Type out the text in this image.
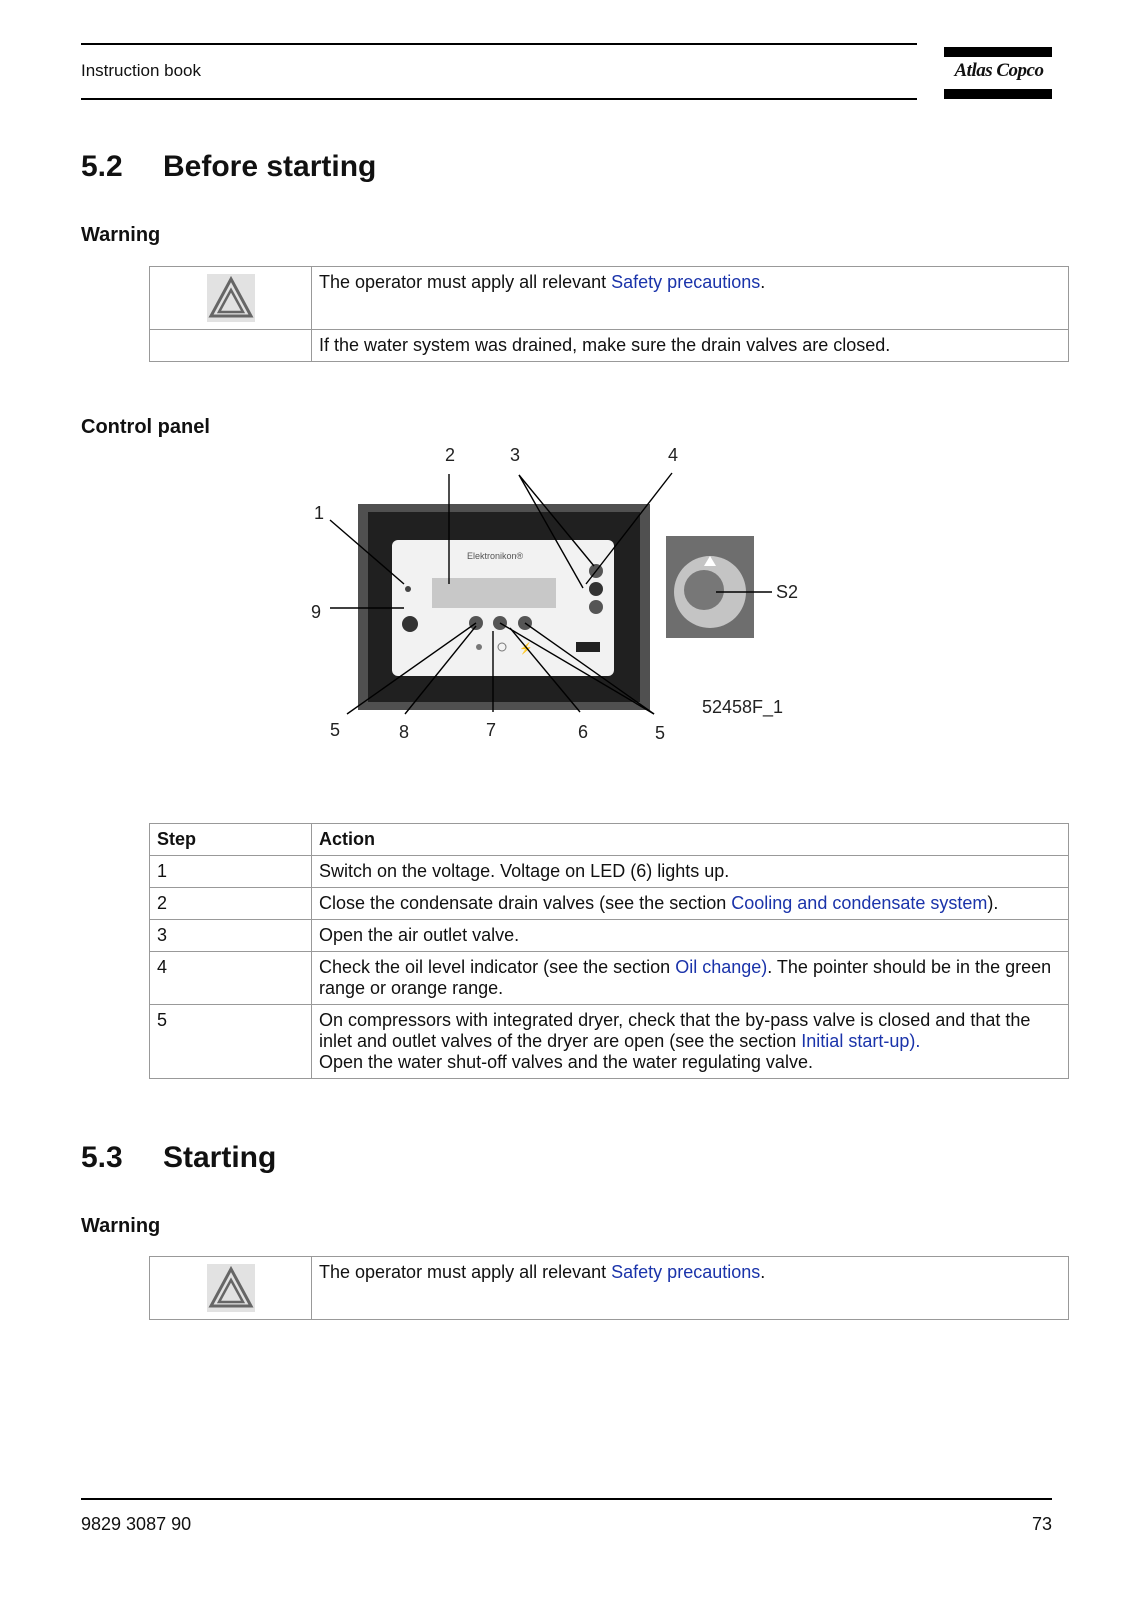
Instruction book	Atlas Copco
5.2 Before starting
Warning
	The operator must apply all relevant Safety precautions.
	If the water system was drained, make sure the drain valves are closed.
Control panel
Elektronikon®
⚡
1
2	3	4
5	6
7
8
9
5
S2
52458F_1
Step	Action
1	Switch on the voltage. Voltage on LED (6) lights up.
2	Close the condensate drain valves (see the section Cooling and condensate system).
3	Open the air outlet valve.
4	Check the oil level indicator (see the section Oil change). The pointer should be in the green range or orange range.
5	On compressors with integrated dryer, check that the by-pass valve is closed and that the inlet and outlet valves of the dryer are open (see the section Initial start-up).
Open the water shut-off valves and the water regulating valve.
5.3 Starting
Warning
	The operator must apply all relevant Safety precautions.
9829 3087 90	73
